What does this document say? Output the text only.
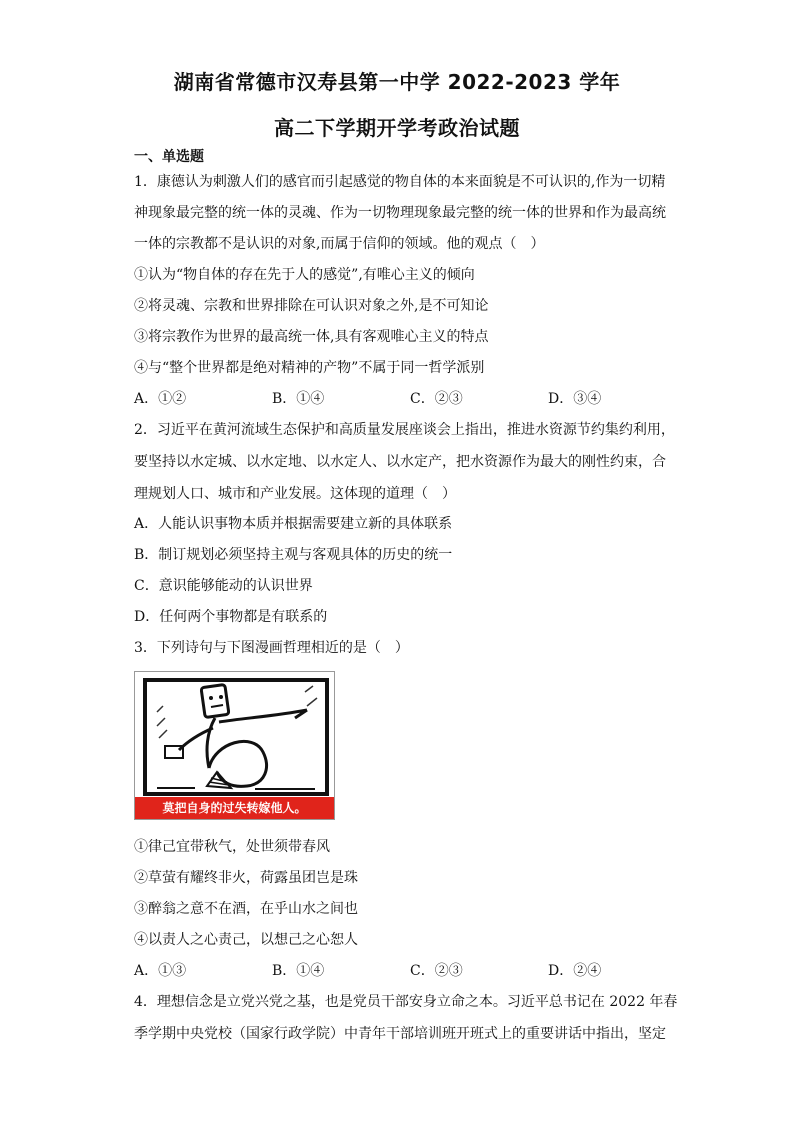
湖南省常德市汉寿县第一中学 2022-2023 学年
高二下学期开学考政治试题
一、单选题

1．康德认为刺激人们的感官而引起感觉的物自体的本来面貌是不可认识的,作为一切精

神现象最完整的统一体的灵魂、作为一切物理现象最完整的统一体的世界和作为最高统

一体的宗教都不是认识的对象,而属于信仰的领域。他的观点（　）

①认为“物自体的存在先于人的感觉”,有唯心主义的倾向

②将灵魂、宗教和世界排除在可认识对象之外,是不可知论

③将宗教作为世界的最高统一体,具有客观唯心主义的特点

④与“整个世界都是绝对精神的产物”不属于同一哲学派别

A．①②	B．①④	C．②③	D．③④

2．习近平在黄河流域生态保护和高质量发展座谈会上指出，推进水资源节约集约利用，

要坚持以水定城、以水定地、以水定人、以水定产，把水资源作为最大的刚性约束，合

理规划人口、城市和产业发展。这体现的道理（　）

A．人能认识事物本质并根据需要建立新的具体联系

B．制订规划必须坚持主观与客观具体的历史的统一

C．意识能够能动的认识世界

D．任何两个事物都是有联系的

3．下列诗句与下图漫画哲理相近的是（　）

莫把自身的过失转嫁他人。

①律己宜带秋气，处世须带春风

②草萤有耀终非火，荷露虽团岂是珠

③醉翁之意不在酒，在乎山水之间也

④以责人之心责己，以想己之心恕人

A．①③	B．①④	C．②③	D．②④

4．理想信念是立党兴党之基，也是党员干部安身立命之本。习近平总书记在 2022 年春

季学期中央党校（国家行政学院）中青年干部培训班开班式上的重要讲话中指出，坚定
